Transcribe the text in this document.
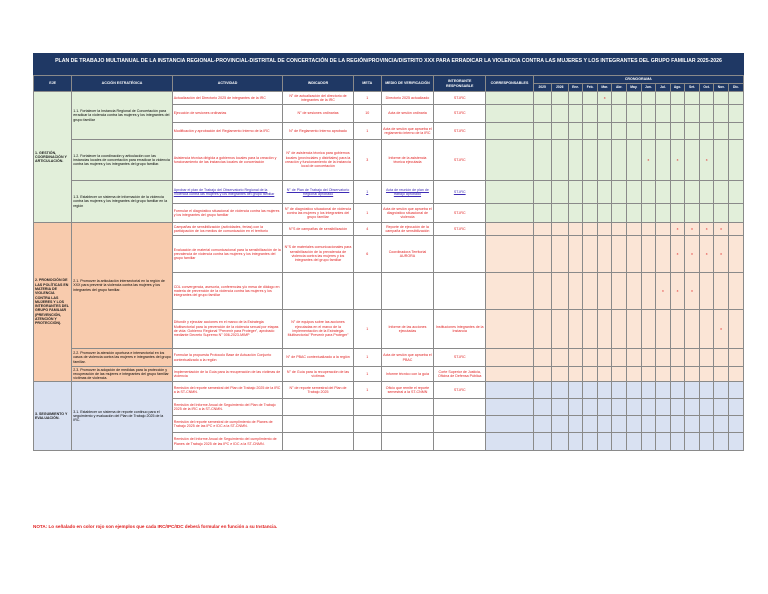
PLAN DE TRABAJO MULTIANUAL DE LA INSTANCIA REGIONAL-PROVINCIAL-DISTRITAL DE CONCERTACIÓN DE LA REGIÓN/PROVINCIA/DISTRITO XXX PARA ERRADICAR LA VIOLENCIA CONTRA LAS MUJERES Y LOS INTEGRANTES DEL GRUPO FAMILIAR 2025-2026
EJE	ACCIÓN ESTRATÉGICA	ACTIVIDAD	INDICADOR	META	MEDIO DE VERIFICACIÓN	INTEGRANTE RESPONSABLE	CORRESPONSABLES	CRONOGRAMA													
								2025	2026	Ene.	Feb.	Mar.	Abr.	May.	Jun.	Jul.	Ago.	Set.	Oct.	Nov.	Dic.
1. GESTIÓN, COORDINACIÓN Y ARTICULACIÓN.	1.1. Fortalecer la Instancia Regional de Concertación para erradicar la violencia contra las mujeres y los integrantes del grupo familiar	Actualización del Directorio 2025 de integrantes de la IRC	N° de actualización del directorio de integrantes de la IRC	1	Directorio 2025 actualizado	ST-IRC						x									
		Ejecución de sesiones ordinarias	N° de sesiones ordinarias	10	Acta de sesión ordinaria	ST-IRC															
		Modificación y aprobación del Reglamento Interno de la IRC	N° de Reglamento Interno aprobado	1	Acta de sesión que aprueba el reglamento interno de la IRC	ST-IRC															
	1.2. Fortalecer la coordinación y articulación con las instancias locales de concertación para erradicar la violencia contra las mujeres y los integrantes del grupo familiar.	Asistencia técnica dirigida a gobiernos locales para la creación y funcionamiento de las instancias locales de concertación	N° de asistencia técnica para gobiernos locales (provinciales y distritales) para la creación y funcionamiento de la instancia local de concertación	3	Informe de la asistencia técnica ejecutada	ST-IRC									x		x		x		
	1.3. Establecer un sistema de información de la violencia contra las mujeres y los integrantes del grupo familiar en la región	Aprobar el plan de Trabajo del Observatorio Regional de la Violencia contra las mujeres y los integrantes del grupo familiar	N° de Plan de Trabajo del Observatorio Regional aprobado	1	Acta de reunión de plan de trabajo aprobado	ST-IRC															
		Formular el diagnóstico situacional de violencia contra las mujeres y los integrantes del grupo familiar	N° de diagnóstico situacional de violencia contra las mujeres y los integrantes del grupo familiar	1	Acta de sesión que aprueba el diagnóstico situacional de violencia	ST-IRC															
2. PROMOCIÓN DE LAS POLÍTICAS EN MATERIA DE VIOLENCIA CONTRA LAS MUJERES Y LOS INTEGRANTES DEL GRUPO FAMILIAR (PREVENCIÓN, ATENCIÓN Y PROTECCIÓN).	2.1. Promover la articulación intersectorial en la región de XXX para prevenir la violencia contra las mujeres y los integrantes del grupo familiar.	Campañas de sensibilización (actividades, ferias) con la participación de los medios de comunicación en el territorio	N°S de campañas de sensibilización	4	Reporte de ejecución de la campaña de sensibilización	ST-IRC											x	x	x	x	
		Evaluación de material comunicacional para la sensibilización de la prevalencia de violencia contra las mujeres y los integrantes del grupo familiar	N°S de materiales comunicacionales para sensibilización de la prevalencia de violencia contra las mujeres y los integrantes del grupo familiar	6	Coordinadora Territorial AURORA												x	x	x	x	
		CDL convergencia, asesoría, conferencias y/o mesa de diálogo en materia de prevención de la violencia contra las mujeres y los integrantes del grupo familiar														x	x	x			
		Difundir y ejecutar acciones en el marco de la Estrategia Multisectorial para la prevención de la violencia sexual por etapas de vida: Gobierno Regional "Prevenir para Proteger", aprobado mediante Decreto Supremo N° 006-2023-MIMP	N° de equipos sobre las acciones ejecutadas en el marco de la implementación de la Estrategia Multisectorial "Prevenir para Proteger"	1	Informe de las acciones ejecutadas	Instituciones integrantes de la Instancia														x	
	2.2. Promover la atención oportuna e intersectorial en los casos de violencia contra las mujeres e integrantes del grupo familiar.	Formular la propuesta Protocolo Base de Actuación Conjunto contextualizado a la región	N° de PBAC contextualizado a la región	1	Acta de sesión que aprueba el PBAC	ST-IRC															
	2.3. Promover la adopción de medidas para la protección y recuperación de las mujeres e integrantes del grupo familiar víctimas de violencia.	Implementación de la Guía para la recuperación de las víctimas de violencia	N° de Guía para la recuperación de las víctimas	1	Informe técnico con la guía	Corte Superior de Justicia, Oficina de Defensa Pública															
3. SEGUIMIENTO Y EVALUACIÓN.	3.1. Establecer un sistema de reporte continuo para el seguimiento y evaluación del Plan de Trabajo 2025 de la IRC.	Remisión del reporte semestral del Plan de Trabajo 2025 de la IRC a la ST-CNMN.	N° de reporte semestral del Plan de Trabajo 2025	1	Oficio que remite el reporte semestral a la ST-CNMN	ST-IRC															
		Remisión del Informe Anual de Seguimiento del Plan de Trabajo 2025 de la IRC a la ST-CNMN.																			
		Remisión del reporte semestral de cumplimiento de Planes de Trabajo 2025 de las IPC e IDC a la ST-CNMN.																			
		Remisión del Informe Anual de Seguimiento del cumplimiento de Planes de Trabajo 2025 de las IPC e IDC a la ST-CNMN.																			
NOTA: Lo señalado en color rojo son ejemplos que cada IRC/IPC/IDC deberá formular en función a su Instancia.
